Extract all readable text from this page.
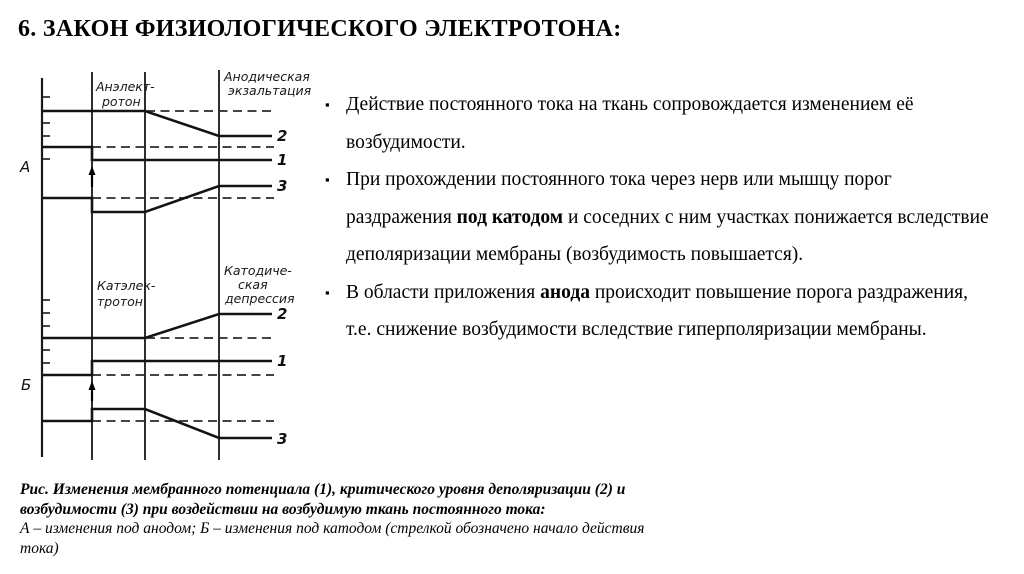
6. ЗАКОН ФИЗИОЛОГИЧЕСКОГО ЭЛЕКТРОТОНА:
А
Б
Анэлект-
ротон
Анодическая
экзальтация
Катэлек-
тротон
Катодиче-
ская
депрессия
2
1
3
2
1
3
▪ Действие постоянного тока на ткань сопровождается изменением её возбудимости.
▪ При прохождении постоянного тока через нерв или мышцу порог раздражения под катодом и соседних с ним участках понижается вследствие деполяризации мембраны (возбудимость повышается).
▪ В области приложения анода происходит повышение порога раздражения, т.е. снижение возбудимости вследствие гиперполяризации мембраны.
Рис. Изменения мембранного потенциала (1), критического уровня деполяризации (2) и возбудимости (3) при воздействии на возбудимую ткань постоянного тока:
А – изменения под анодом; Б – изменения под катодом (стрелкой обозначено начало действия тока)
